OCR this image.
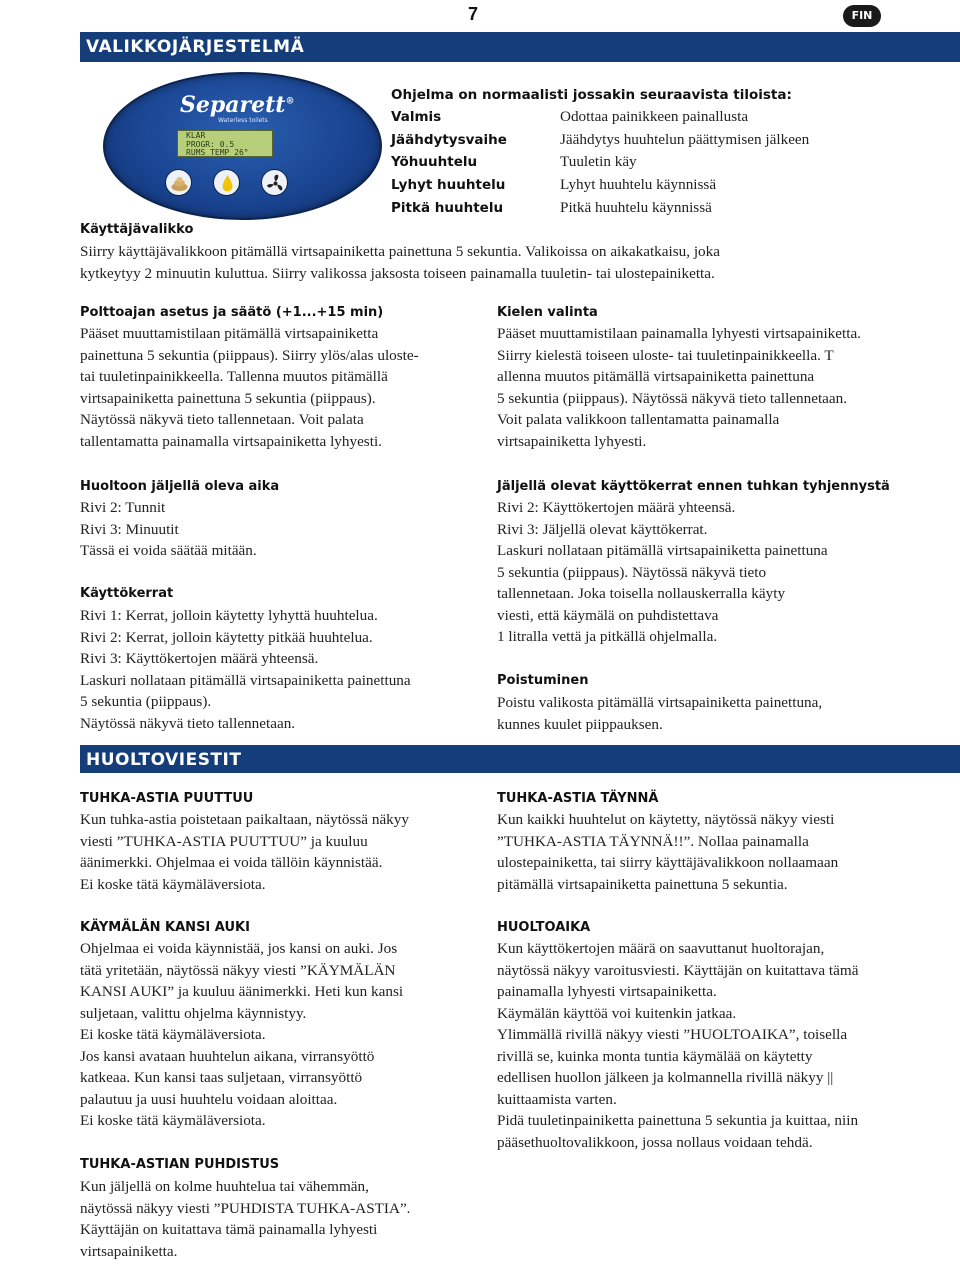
7	FIN
VALIKKOJÄRJESTELMÄ
Separett®
Waterless toilets
KLAR
PROGR: 0.5
RUMS TEMP 26°
Ohjelma on normaalisti jossakin seuraavista tiloista:
Valmis	Odottaa painikkeen painallusta
Jäähdytysvaihe	Jäähdytys huuhtelun päättymisen jälkeen
Yöhuuhtelu	Tuuletin käy
Lyhyt huuhtelu	Lyhyt huuhtelu käynnissä
Pitkä huuhtelu	Pitkä huuhtelu käynnissä
Käyttäjävalikko
Siirry käyttäjävalikkoon pitämällä virtsapainiketta painettuna 5 sekuntia. Valikoissa on aikakatkaisu, joka
kytkeytyy 2 minuutin kuluttua. Siirry valikossa jaksosta toiseen painamalla tuuletin- tai ulostepainiketta.
Polttoajan asetus ja säätö (+1...+15 min)
Pääset muuttamistilaan pitämällä virtsapainiketta
painettuna 5 sekuntia (piippaus). Siirry ylös/alas uloste-
tai tuuletinpainikkeella. Tallenna muutos pitämällä
virtsapainiketta painettuna 5 sekuntia (piippaus).
Näytössä näkyvä tieto tallennetaan. Voit palata
tallentamatta painamalla virtsapainiketta lyhyesti.
Huoltoon jäljellä oleva aika
Rivi 2: Tunnit
Rivi 3: Minuutit
Tässä ei voida säätää mitään.
Käyttökerrat
Rivi 1: Kerrat, jolloin käytetty lyhyttä huuhtelua.
Rivi 2: Kerrat, jolloin käytetty pitkää huuhtelua.
Rivi 3: Käyttökertojen määrä yhteensä.
Laskuri nollataan pitämällä virtsapainiketta painettuna
5 sekuntia (piippaus).
Näytössä näkyvä tieto tallennetaan.
Kielen valinta
Pääset muuttamistilaan painamalla lyhyesti virtsapainiketta.
Siirry kielestä toiseen uloste- tai tuuletinpainikkeella. T
allenna muutos pitämällä virtsapainiketta painettuna
5 sekuntia (piippaus). Näytössä näkyvä tieto tallennetaan.
Voit palata valikkoon tallentamatta painamalla
virtsapainiketta lyhyesti.
Jäljellä olevat käyttökerrat ennen tuhkan tyhjennystä
Rivi 2: Käyttökertojen määrä yhteensä.
Rivi 3: Jäljellä olevat käyttökerrat.
Laskuri nollataan pitämällä virtsapainiketta painettuna
5 sekuntia (piippaus). Näytössä näkyvä tieto
tallennetaan. Joka toisella nollauskerralla käyty
viesti, että käymälä on puhdistettava
1 litralla vettä ja pitkällä ohjelmalla.
Poistuminen
Poistu valikosta pitämällä virtsapainiketta painettuna,
kunnes kuulet piippauksen.
HUOLTOVIESTIT
TUHKA-ASTIA PUUTTUU
Kun tuhka-astia poistetaan paikaltaan, näytössä näkyy
viesti ”TUHKA-ASTIA PUUTTUU” ja kuuluu
äänimerkki. Ohjelmaa ei voida tällöin käynnistää.
Ei koske tätä käymäläversiota.
KÄYMÄLÄN KANSI AUKI
Ohjelmaa ei voida käynnistää, jos kansi on auki. Jos
tätä yritetään, näytössä näkyy viesti ”KÄYMÄLÄN
KANSI AUKI” ja kuuluu äänimerkki. Heti kun kansi
suljetaan, valittu ohjelma käynnistyy.
Ei koske tätä käymäläversiota.
Jos kansi avataan huuhtelun aikana, virransyöttö
katkeaa. Kun kansi taas suljetaan, virransyöttö
palautuu ja uusi huuhtelu voidaan aloittaa.
Ei koske tätä käymäläversiota.
TUHKA-ASTIAN PUHDISTUS
Kun jäljellä on kolme huuhtelua tai vähemmän,
näytössä näkyy viesti ”PUHDISTA TUHKA-ASTIA”.
Käyttäjän on kuitattava tämä painamalla lyhyesti
virtsapainiketta.
TUHKA-ASTIA TÄYNNÄ
Kun kaikki huuhtelut on käytetty, näytössä näkyy viesti
”TUHKA-ASTIA TÄYNNÄ!!”. Nollaa painamalla
ulostepainiketta, tai siirry käyttäjävalikkoon nollaamaan
pitämällä virtsapainiketta painettuna 5 sekuntia.
HUOLTOAIKA
Kun käyttökertojen määrä on saavuttanut huoltorajan,
näytössä näkyy varoitusviesti. Käyttäjän on kuitattava tämä
painamalla lyhyesti virtsapainiketta.
Käymälän käyttöä voi kuitenkin jatkaa.
Ylimmällä rivillä näkyy viesti ”HUOLTOAIKA”, toisella
rivillä se, kuinka monta tuntia käymälää on käytetty
edellisen huollon jälkeen ja kolmannella rivillä näkyy ||
kuittaamista varten.
Pidä tuuletinpainiketta painettuna 5 sekuntia ja kuittaa, niin
pääsethuoltovalikkoon, jossa nollaus voidaan tehdä.
